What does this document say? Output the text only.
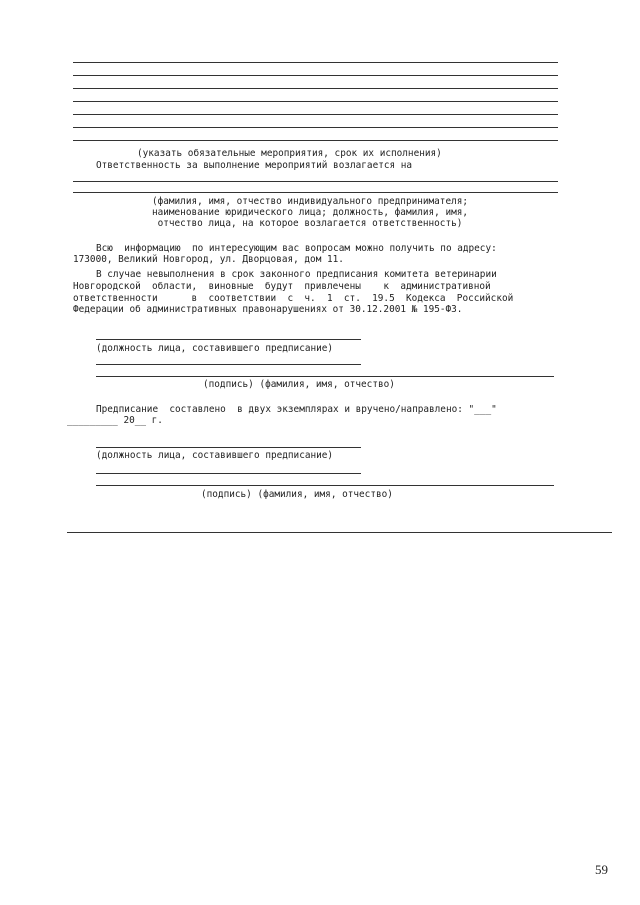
(указать обязательные мероприятия, срок их исполнения)
Ответственность за выполнение мероприятий возлагается на
(фамилия, имя, отчество индивидуального предпринимателя;
наименование юридического лица; должность, фамилия, имя,
отчество лица, на которое возлагается ответственность)
Всю  информацию  по интересующим вас вопросам можно получить по адресу:
173000, Великий Новгород, ул. Дворцовая, дом 11.
В случае невыполнения в срок законного предписания комитета ветеринарии
Новгородской  области,  виновные  будут  привлечены    к  административной
ответственности      в  соответствии  с  ч.  1  ст.  19.5  Кодекса  Российской
Федерации об административных правонарушениях от 30.12.2001 № 195-ФЗ.
(должность лица, составившего предписание)
(подпись) (фамилия, имя, отчество)
Предписание  составлено  в двух экземплярах и вручено/направлено: "___"
_________ 20__ г.
(должность лица, составившего предписание)
(подпись) (фамилия, имя, отчество)
59
